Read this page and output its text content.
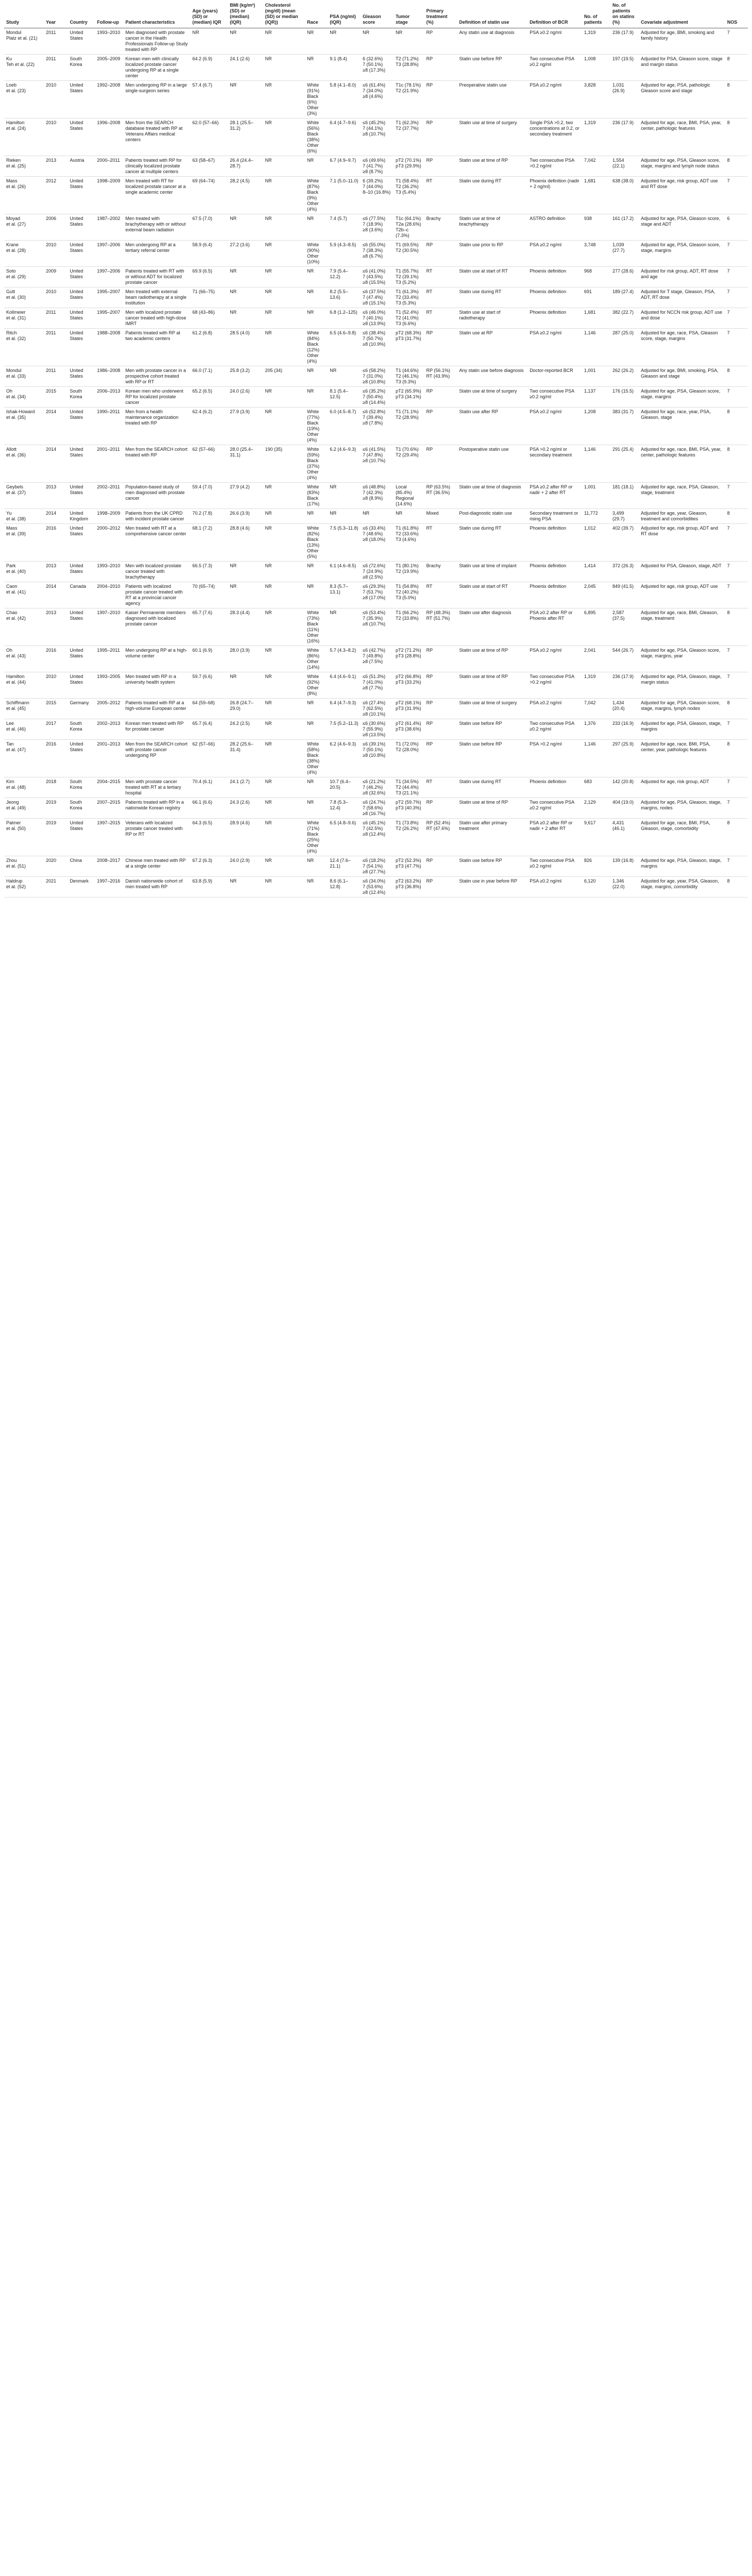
Study	Year	Country	Follow-up	Patient characteristics	Age (years) (SD) or (median) IQR	BMI (kg/m²) (SD) or (median) (IQR)	Cholesterol (mg/dl) (mean (SD) or median (IQR))	Race	PSA (ng/ml) (IQR)	Gleason score	Tumor stage	Primary treatment (%)	Definition of statin use	Definition of BCR	No. of patients	No. of patients on statins (%)	Covariate adjustment	NOS
Mondul
Platz et al. (21)	2011	United States	1993–2010	Men diagnosed with prostate cancer in the Health Professionals Follow-up Study treated with RP	NR	NR	NR	NR	NR	NR	NR	RP	Any statin use at diagnosis	PSA ≥0.2 ng/ml	1,319	236 (17.9)	Adjusted for age, BMI, smoking and family history	7
Ku
Teh et al. (22)	2011	South Korea	2005–2009	Korean men with clinically localized prostate cancer undergoing RP at a single center	64.2 (6.9)	24.1 (2.6)	NR	NR	9.1 (8.4)	6 (32.6%)
7 (50.1%)
≥8 (17.3%)	T2 (71.2%)
T3 (28.8%)	RP	Statin use before RP	Two consecutive PSA ≥0.2 ng/ml	1,008	197 (19.5)	Adjusted for PSA, Gleason score, stage and margin status	8
Loeb
et al. (23)	2010	United States	1992–2008	Men undergoing RP in a large single-surgeon series	57.4 (6.7)	NR	NR	White (91%)
Black (6%)
Other (3%)	5.8 (4.1–8.0)	≤6 (61.4%)
7 (34.0%)
≥8 (4.6%)	T1c (78.1%)
T2 (21.9%)	RP	Preoperative statin use	PSA ≥0.2 ng/ml	3,828	1,031 (26.9)	Adjusted for age, PSA, pathologic Gleason score and stage	8
Hamilton
et al. (24)	2010	United States	1996–2008	Men from the SEARCH database treated with RP at Veterans Affairs medical centers	62.0 (57–66)	28.1 (25.5–31.2)	NR	White (56%)
Black (38%)
Other (6%)	6.4 (4.7–9.6)	≤6 (45.2%)
7 (44.1%)
≥8 (10.7%)	T1 (62.3%)
T2 (37.7%)	RP	Statin use at time of surgery	Single PSA >0.2, two concentrations at 0.2, or secondary treatment	1,319	236 (17.9)	Adjusted for age, race, BMI, PSA, year, center, pathologic features	8
Rieken
et al. (25)	2013	Austria	2000–2011	Patients treated with RP for clinically localized prostate cancer at multiple centers	63 (58–67)	26.4 (24.4–28.7)	NR	NR	6.7 (4.9–9.7)	≤6 (49.6%)
7 (41.7%)
≥8 (8.7%)	pT2 (70.1%)
pT3 (29.9%)	RP	Statin use at time of RP	Two consecutive PSA >0.2 ng/ml	7,042	1,554 (22.1)	Adjusted for age, PSA, Gleason score, stage, margins and lymph node status	8
Mass
et al. (26)	2012	United States	1998–2009	Men treated with RT for localized prostate cancer at a single academic center	69 (64–74)	28.2 (4.5)	NR	White (87%)
Black (9%)
Other (4%)	7.1 (5.0–11.0)	6 (39.2%)
7 (44.0%)
8–10 (16.8%)	T1 (58.4%)
T2 (36.2%)
T3 (5.4%)	RT	Statin use during RT	Phoenix definition (nadir + 2 ng/ml)	1,681	638 (38.0)	Adjusted for age, risk group, ADT use and RT dose	7
Moyad
et al. (27)	2006	United States	1987–2002	Men treated with brachytherapy with or without external beam radiation	67.5 (7.0)	NR	NR	NR	7.4 (5.7)	≤6 (77.5%)
7 (18.9%)
≥8 (3.6%)	T1c (64.1%)
T2a (28.6%)
T2b–c (7.3%)	Brachy	Statin use at time of brachytherapy	ASTRO definition	938	161 (17.2)	Adjusted for age, PSA, Gleason score, stage and ADT	6
Krane
et al. (28)	2010	United States	1997–2006	Men undergoing RP at a tertiary referral center	58.9 (6.4)	27.2 (3.6)	NR	White (90%)
Other (10%)	5.9 (4.3–8.5)	≤6 (55.0%)
7 (38.3%)
≥8 (6.7%)	T1 (69.5%)
T2 (30.5%)	RP	Statin use prior to RP	PSA ≥0.2 ng/ml	3,748	1,039 (27.7)	Adjusted for age, PSA, Gleason score, stage, margins	7
Soto
et al. (29)	2009	United States	1997–2006	Patients treated with RT with or without ADT for localized prostate cancer	69.9 (6.5)	NR	NR	NR	7.9 (5.4–12.2)	≤6 (41.0%)
7 (43.5%)
≥8 (15.5%)	T1 (55.7%)
T2 (39.1%)
T3 (5.2%)	RT	Statin use at start of RT	Phoenix definition	968	277 (28.6)	Adjusted for risk group, ADT, RT dose and age	7
Gutt
et al. (30)	2010	United States	1995–2007	Men treated with external beam radiotherapy at a single institution	71 (66–75)	NR	NR	NR	8.2 (5.5–13.6)	≤6 (37.5%)
7 (47.4%)
≥8 (15.1%)	T1 (61.3%)
T2 (33.4%)
T3 (5.3%)	RT	Statin use during RT	Phoenix definition	691	189 (27.4)	Adjusted for T stage, Gleason, PSA, ADT, RT dose	7
Kollmeier
et al. (31)	2011	United States	1995–2007	Men with localized prostate cancer treated with high-dose IMRT	68 (43–86)	NR	NR	NR	6.8 (1.2–125)	≤6 (46.0%)
7 (40.1%)
≥8 (13.9%)	T1 (52.4%)
T2 (41.0%)
T3 (6.6%)	RT	Statin use at start of radiotherapy	Phoenix definition	1,681	382 (22.7)	Adjusted for NCCN risk group, ADT use and dose	7
Ritch
et al. (32)	2011	United States	1988–2008	Patients treated with RP at two academic centers	61.2 (6.8)	28.5 (4.0)	NR	White (84%)
Black (12%)
Other (4%)	6.5 (4.6–9.8)	≤6 (38.4%)
7 (50.7%)
≥8 (10.9%)	pT2 (68.3%)
pT3 (31.7%)	RP	Statin use at RP	PSA ≥0.2 ng/ml	1,146	287 (25.0)	Adjusted for age, race, PSA, Gleason score, stage, margins	7
Mondul
et al. (33)	2011	United States	1986–2008	Men with prostate cancer in a prospective cohort treated with RP or RT	66.0 (7.1)	25.8 (3.2)	205 (34)	NR	NR	≤6 (58.2%)
7 (31.0%)
≥8 (10.8%)	T1 (44.6%)
T2 (46.1%)
T3 (9.3%)	RP (56.1%)
RT (43.9%)	Any statin use before diagnosis	Doctor-reported BCR	1,001	262 (26.2)	Adjusted for age, BMI, smoking, PSA, Gleason and stage	8
Oh
et al. (34)	2015	South Korea	2006–2013	Korean men who underwent RP for localized prostate cancer	65.2 (6.5)	24.0 (2.6)	NR	NR	8.1 (5.4–12.5)	≤6 (35.2%)
7 (50.4%)
≥8 (14.4%)	pT2 (65.9%)
pT3 (34.1%)	RP	Statin use at time of surgery	Two consecutive PSA ≥0.2 ng/ml	1,137	176 (15.5)	Adjusted for age, PSA, Gleason score, stage, margins	7
Ishak-Howard
et al. (35)	2014	United States	1990–2011	Men from a health maintenance organization treated with RP	62.4 (6.2)	27.9 (3.9)	NR	White (77%)
Black (19%)
Other (4%)	6.0 (4.5–8.7)	≤6 (52.8%)
7 (39.4%)
≥8 (7.8%)	T1 (71.1%)
T2 (28.9%)	RP	Statin use after RP	PSA ≥0.2 ng/ml	1,208	383 (31.7)	Adjusted for age, race, year, PSA, Gleason, stage	8
Allott
et al. (36)	2014	United States	2001–2011	Men from the SEARCH cohort treated with RP	62 (57–66)	28.0 (25.4–31.1)	190 (35)	White (59%)
Black (37%)
Other (4%)	6.2 (4.6–9.3)	≤6 (41.5%)
7 (47.8%)
≥8 (10.7%)	T1 (70.6%)
T2 (29.4%)	RP	Postoperative statin use	PSA >0.2 ng/ml or secondary treatment	1,146	291 (25.4)	Adjusted for age, race, BMI, PSA, year, center, pathologic features	8
Geybels
et al. (37)	2013	United States	2002–2011	Population-based study of men diagnosed with prostate cancer	59.4 (7.0)	27.9 (4.2)	NR	White (83%)
Black (17%)	NR	≤6 (48.8%)
7 (42.3%)
≥8 (8.9%)	Local (85.4%)
Regional (14.6%)	RP (63.5%)
RT (36.5%)	Statin use at time of diagnosis	PSA ≥0.2 after RP or nadir + 2 after RT	1,001	181 (18.1)	Adjusted for age, race, PSA, Gleason, stage, treatment	7
Yu
et al. (38)	2014	United Kingdom	1998–2009	Patients from the UK CPRD with incident prostate cancer	70.2 (7.8)	26.6 (3.9)	NR	NR	NR	NR	NR	Mixed	Post-diagnostic statin use	Secondary treatment or rising PSA	11,772	3,499 (29.7)	Adjusted for age, year, Gleason, treatment and comorbidities	8
Mass
et al. (39)	2016	United States	2000–2012	Men treated with RT at a comprehensive cancer center	68.1 (7.2)	28.8 (4.6)	NR	White (82%)
Black (13%)
Other (5%)	7.5 (5.3–11.8)	≤6 (33.4%)
7 (48.6%)
≥8 (18.0%)	T1 (61.8%)
T2 (33.6%)
T3 (4.6%)	RT	Statin use during RT	Phoenix definition	1,012	402 (39.7)	Adjusted for age, risk group, ADT and RT dose	7
Park
et al. (40)	2013	United States	1993–2010	Men with localized prostate cancer treated with brachytherapy	66.5 (7.3)	NR	NR	NR	6.1 (4.6–8.5)	≤6 (72.6%)
7 (24.9%)
≥8 (2.5%)	T1 (80.1%)
T2 (19.9%)	Brachy	Statin use at time of implant	Phoenix definition	1,414	372 (26.3)	Adjusted for PSA, Gleason, stage, ADT	7
Caon
et al. (41)	2014	Canada	2004–2010	Patients with localized prostate cancer treated with RT at a provincial cancer agency	70 (65–74)	NR	NR	NR	8.3 (5.7–13.1)	≤6 (29.3%)
7 (53.7%)
≥8 (17.0%)	T1 (54.8%)
T2 (40.2%)
T3 (5.0%)	RT	Statin use at start of RT	Phoenix definition	2,045	849 (41.5)	Adjusted for age, risk group, ADT use	7
Chao
et al. (42)	2013	United States	1997–2010	Kaiser Permanente members diagnosed with localized prostate cancer	65.7 (7.6)	28.3 (4.4)	NR	White (73%)
Black (11%)
Other (16%)	NR	≤6 (53.4%)
7 (35.9%)
≥8 (10.7%)	T1 (66.2%)
T2 (33.8%)	RP (48.3%)
RT (51.7%)	Statin use after diagnosis	PSA ≥0.2 after RP or Phoenix after RT	6,895	2,587 (37.5)	Adjusted for age, race, BMI, Gleason, stage, treatment	8
Oh
et al. (43)	2016	United States	1995–2011	Men undergoing RP at a high-volume center	60.1 (6.9)	28.0 (3.9)	NR	White (86%)
Other (14%)	5.7 (4.3–8.2)	≤6 (42.7%)
7 (49.8%)
≥8 (7.5%)	pT2 (71.2%)
pT3 (28.8%)	RP	Statin use at time of RP	PSA ≥0.2 ng/ml	2,041	544 (26.7)	Adjusted for age, PSA, Gleason score, stage, margins, year	7
Hamilton
et al. (44)	2010	United States	1993–2005	Men treated with RP in a university health system	59.7 (6.6)	NR	NR	White (92%)
Other (8%)	6.4 (4.6–9.1)	≤6 (51.3%)
7 (41.0%)
≥8 (7.7%)	pT2 (66.8%)
pT3 (33.2%)	RP	Statin use at time of RP	Two consecutive PSA >0.2 ng/ml	1,319	236 (17.9)	Adjusted for age, PSA, Gleason, stage, margin status	7
Schiffmann
et al. (45)	2015	Germany	2005–2012	Patients treated with RP at a high-volume European center	64 (59–68)	26.8 (24.7–29.0)	NR	NR	6.4 (4.7–9.3)	≤6 (27.4%)
7 (62.5%)
≥8 (10.1%)	pT2 (68.1%)
pT3 (31.9%)	RP	Statin use at time of surgery	PSA ≥0.2 ng/ml	7,042	1,434 (20.4)	Adjusted for age, PSA, Gleason score, stage, margins, lymph nodes	8
Lee
et al. (46)	2017	South Korea	2002–2013	Korean men treated with RP for prostate cancer	65.7 (6.4)	24.2 (2.5)	NR	NR	7.5 (5.2–11.3)	≤6 (30.6%)
7 (55.9%)
≥8 (13.5%)	pT2 (61.4%)
pT3 (38.6%)	RP	Statin use before RP	Two consecutive PSA ≥0.2 ng/ml	1,376	233 (16.9)	Adjusted for age, PSA, Gleason, stage, margins	7
Tan
et al. (47)	2016	United States	2001–2013	Men from the SEARCH cohort with prostate cancer undergoing RP	62 (57–66)	28.2 (25.6–31.4)	NR	White (58%)
Black (38%)
Other (4%)	6.2 (4.6–9.3)	≤6 (39.1%)
7 (50.1%)
≥8 (10.8%)	T1 (72.0%)
T2 (28.0%)	RP	Statin use before RP	PSA >0.2 ng/ml	1,146	297 (25.9)	Adjusted for age, race, BMI, PSA, center, year, pathologic features	8
Kim
et al. (48)	2018	South Korea	2004–2015	Men with prostate cancer treated with RT at a tertiary hospital	70.4 (6.1)	24.1 (2.7)	NR	NR	10.7 (6.4–20.5)	≤6 (21.2%)
7 (46.2%)
≥8 (32.6%)	T1 (34.5%)
T2 (44.4%)
T3 (21.1%)	RT	Statin use during RT	Phoenix definition	683	142 (20.8)	Adjusted for age, risk group, ADT	7
Jeong
et al. (49)	2019	South Korea	2007–2015	Patients treated with RP in a nationwide Korean registry	66.1 (6.6)	24.3 (2.6)	NR	NR	7.8 (5.3–12.4)	≤6 (24.7%)
7 (58.6%)
≥8 (16.7%)	pT2 (59.7%)
pT3 (40.3%)	RP	Statin use at time of RP	Two consecutive PSA ≥0.2 ng/ml	2,129	404 (19.0)	Adjusted for age, PSA, Gleason, stage, margins, nodes	7
Palmer
et al. (50)	2019	United States	1997–2015	Veterans with localized prostate cancer treated with RP or RT	64.3 (6.5)	28.9 (4.6)	NR	White (71%)
Black (25%)
Other (4%)	6.5 (4.8–9.6)	≤6 (45.1%)
7 (42.5%)
≥8 (12.4%)	T1 (73.8%)
T2 (26.2%)	RP (52.4%)
RT (47.6%)	Statin use after primary treatment	PSA ≥0.2 after RP or nadir + 2 after RT	9,617	4,431 (46.1)	Adjusted for age, race, BMI, PSA, Gleason, stage, comorbidity	8
Zhou
et al. (51)	2020	China	2008–2017	Chinese men treated with RP at a single center	67.2 (6.3)	24.0 (2.9)	NR	NR	12.4 (7.6–21.1)	≤6 (18.2%)
7 (54.1%)
≥8 (27.7%)	pT2 (52.3%)
pT3 (47.7%)	RP	Statin use before RP	Two consecutive PSA ≥0.2 ng/ml	826	139 (16.8)	Adjusted for age, PSA, Gleason, stage, margins	7
Haldrup
et al. (52)	2021	Denmark	1997–2016	Danish nationwide cohort of men treated with RP	63.8 (5.9)	NR	NR	NR	8.6 (6.1–12.8)	≤6 (34.0%)
7 (53.6%)
≥8 (12.4%)	pT2 (63.2%)
pT3 (36.8%)	RP	Statin use in year before RP	PSA ≥0.2 ng/ml	6,120	1,346 (22.0)	Adjusted for age, year, PSA, Gleason, stage, margins, comorbidity	8
